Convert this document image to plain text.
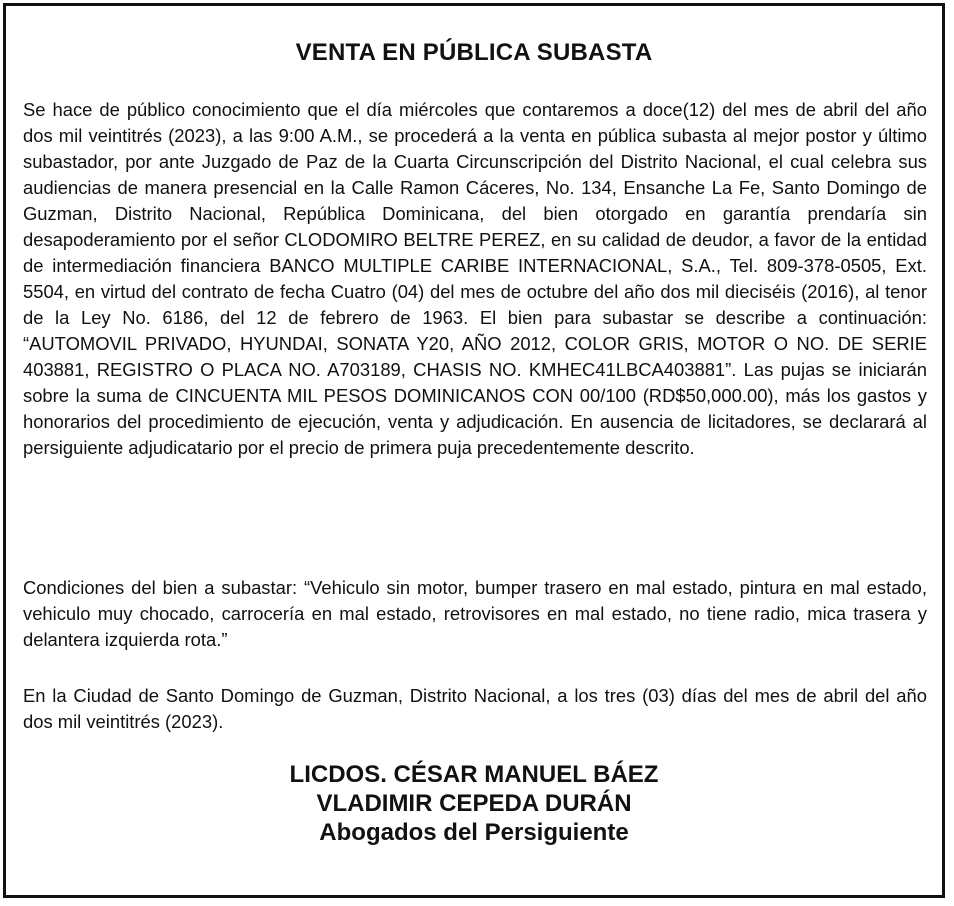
VENTA EN PÚBLICA SUBASTA

Se hace de público conocimiento que el día miércoles que contaremos a doce(12) del mes de abril del año dos mil veintitrés (2023), a las 9:00 A.M., se procederá a la venta en pública subasta al mejor postor y último subastador, por ante Juzgado de Paz de la Cuarta Circunscripción del Distrito Nacional, el cual celebra sus audiencias de manera presencial en la Calle Ramon Cáceres, No. 134, Ensanche La Fe, Santo Domingo de Guzman, Distrito Nacional, República Dominicana, del bien otorgado en garantía prendaría sin desapoderamiento por el señor CLODOMIRO BELTRE PEREZ, en su calidad de deudor, a favor de la entidad de intermediación financiera BANCO MULTIPLE CARIBE INTERNACIONAL, S.A., Tel. 809-378-0505, Ext. 5504, en virtud del contrato de fecha Cuatro (04) del mes de octubre del año dos mil dieciséis (2016), al tenor de la Ley No. 6186, del 12 de febrero de 1963. El bien para subastar se describe a continuación: “AUTOMOVIL PRIVADO, HYUNDAI, SONATA Y20, AÑO 2012, COLOR GRIS, MOTOR O NO. DE SERIE 403881, REGISTRO O PLACA NO. A703189, CHASIS NO. KMHEC41LBCA403881”. Las pujas se iniciarán sobre la suma de CINCUENTA MIL PESOS DOMINICANOS CON 00/100 (RD$50,000.00), más los gastos y honorarios del procedimiento de ejecución, venta y adjudicación. En ausencia de licitadores, se declarará al persiguiente adjudicatario por el precio de primera puja precedentemente descrito.

Condiciones del bien a subastar: “Vehiculo sin motor, bumper trasero en mal estado, pintura en mal estado, vehiculo muy chocado, carrocería en mal estado, retrovisores en mal estado, no tiene radio, mica trasera y delantera izquierda rota.”

En la Ciudad de Santo Domingo de Guzman, Distrito Nacional, a los tres (03) días del mes de abril del año dos mil veintitrés (2023).

LICDOS. CÉSAR MANUEL BÁEZ
VLADIMIR CEPEDA DURÁN
Abogados del Persiguiente
